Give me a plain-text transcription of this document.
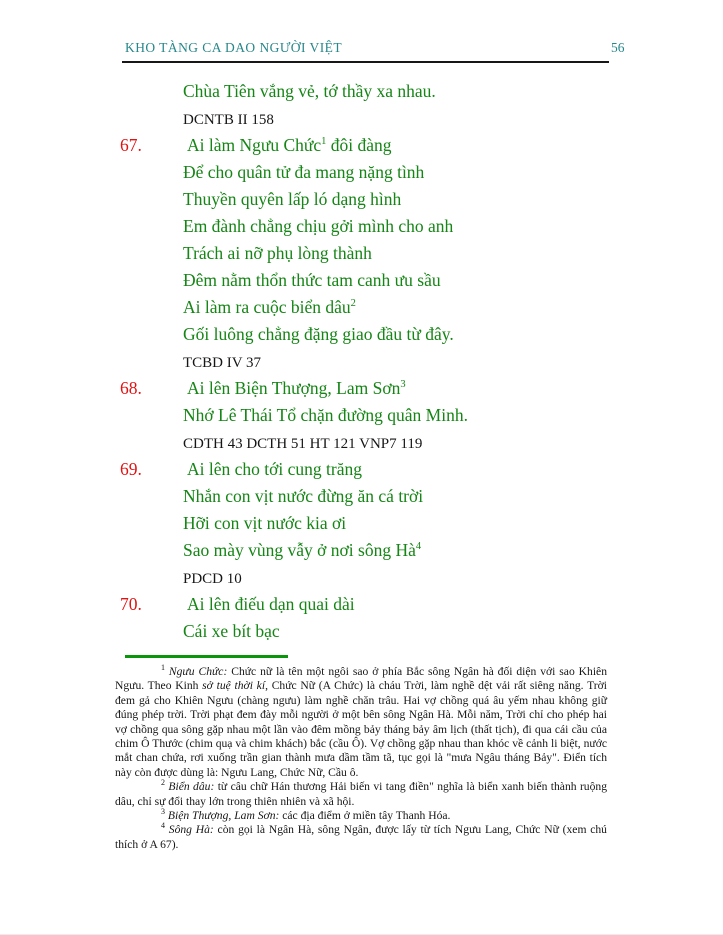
KHO TÀNG CA DAO NGƯỜI VIỆT	56
Chùa Tiên vắng vẻ, tớ thầy xa nhau.
DCNTB II 158
67.	Ai làm Ngưu Chức$^1$ đôi đàng
Để cho quân tử đa mang nặng tình
Thuyền quyên lấp ló dạng hình
Em đành chẳng chịu gởi mình cho anh
Trách ai nỡ phụ lòng thành
Đêm nằm thổn thức tam canh ưu sầu
Ai làm ra cuộc biển dâu$^2$
Gối luông chẳng đặng giao đầu từ đây.
TCBD IV 37
68.	Ai lên Biện Thượng, Lam Sơn$^3$
Nhớ Lê Thái Tổ chặn đường quân Minh.
CDTH 43 DCTH 51 HT 121 VNP7 119
69.	Ai lên cho tới cung trăng
Nhắn con vịt nước đừng ăn cá trời
Hỡi con vịt nước kia ơi
Sao mày vùng vẫy ở nơi sông $Hà^4$
PDCD 10
70.	Ai lên điếu dạn quai dài
Cái xe bít bạc

$^1$ Ngưu Chức: Chức nữ là tên một ngôi sao ở phía Bắc sông Ngân hà đối diện với sao Khiên Ngưu. Theo Kinh sở tuệ thời kí, Chức Nữ (A Chức) là cháu Trời, làm nghề dệt vải rất siêng năng. Trời đem gả cho Khiên Ngưu (chàng ngưu) làm nghề chăn trâu. Hai vợ chồng quá âu yếm nhau không giữ đúng phép trời. Trời phạt đem đày mỗi người ở một bên sông Ngân Hà. Mỗi năm, Trời chỉ cho phép hai vợ chồng qua sông gặp nhau một lần vào đêm mồng bảy tháng bảy âm lịch (thất tịch), đi qua cái cầu của chim Ô Thước (chim quạ và chim khách) bắc (cầu Ô). Vợ chồng gặp nhau than khóc về cảnh li biệt, nước mắt chan chứa, rơi xuống trần gian thành mưa dầm tầm tã, tục gọi là "mưa Ngâu tháng Bảy". Điển tích này còn được dùng là: Ngưu Lang, Chức Nữ, Cầu ô.

$^2$ Biển dâu: từ câu chữ Hán thương Hải biến vi tang điền" nghĩa là biển xanh biến thành ruộng dâu, chỉ sự đổi thay lớn trong thiên nhiên và xã hội.

$^3$ Biện Thượng, Lam Sơn: các địa điểm ở miền tây Thanh Hóa.

$^4$ Sông Hà: còn gọi là Ngân Hà, sông Ngân, được lấy từ tích Ngưu Lang, Chức Nữ (xem chú thích ở A 67).
